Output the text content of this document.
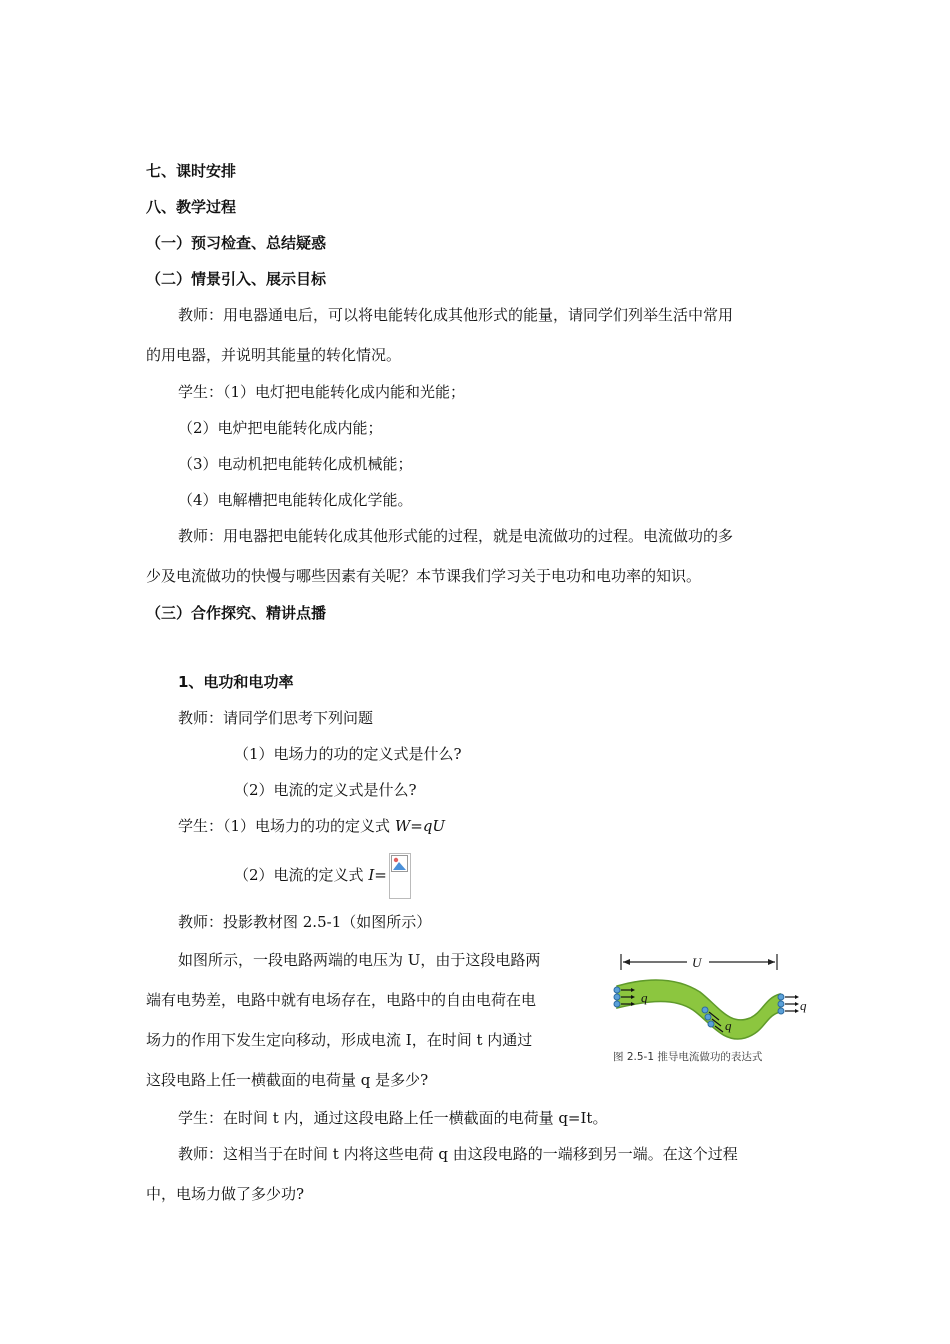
七、课时安排
八、教学过程
（一）预习检查、总结疑惑
（二）情景引入、展示目标
教师：用电器通电后，可以将电能转化成其他形式的能量，请同学们列举生活中常用
的用电器，并说明其能量的转化情况。
学生：（1）电灯把电能转化成内能和光能；
（2）电炉把电能转化成内能；
（3）电动机把电能转化成机械能；
（4）电解槽把电能转化成化学能。
教师：用电器把电能转化成其他形式能的过程，就是电流做功的过程。电流做功的多
少及电流做功的快慢与哪些因素有关呢？本节课我们学习关于电功和电功率的知识。
（三）合作探究、精讲点播
1、电功和电功率
教师：请同学们思考下列问题
（1）电场力的功的定义式是什么?
（2）电流的定义式是什么?
学生：（1）电场力的功的定义式 W=qU
（2）电流的定义式 I=
教师：投影教材图 2.5-1（如图所示）
如图所示，一段电路两端的电压为 U，由于这段电路两
端有电势差，电路中就有电场存在，电路中的自由电荷在电
场力的作用下发生定向移动，形成电流 I，在时间 t 内通过
这段电路上任一横截面的电荷量 q 是多少?
U
q
q
q
图 2.5-1 推导电流做功的表达式
学生：在时间 t 内，通过这段电路上任一横截面的电荷量 q=It。
教师：这相当于在时间 t 内将这些电荷 q 由这段电路的一端移到另一端。在这个过程
中，电场力做了多少功?
